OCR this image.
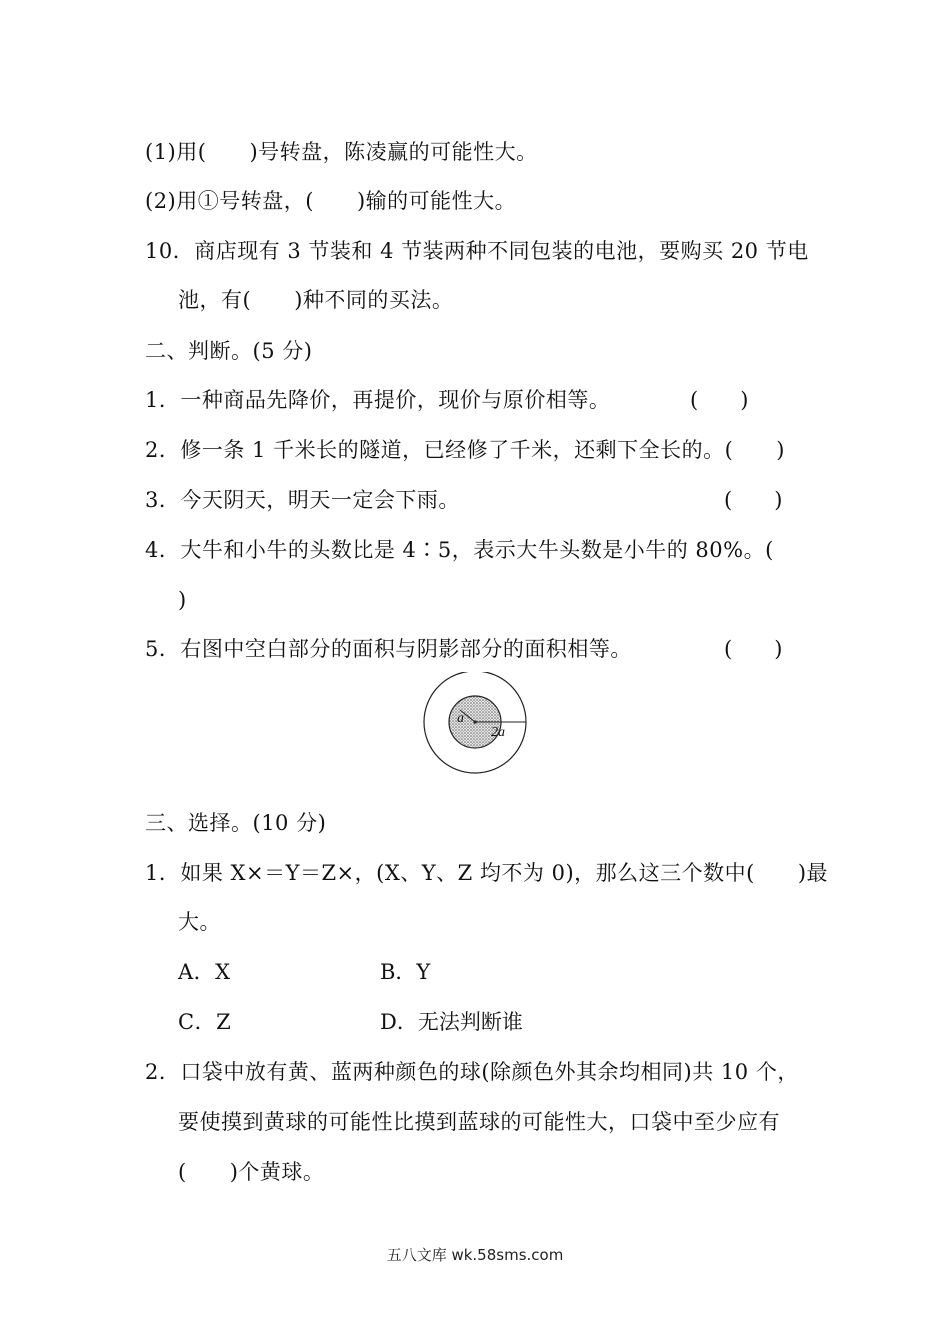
(1)用(　　)号转盘，陈凌赢的可能性大。
(2)用①号转盘，(　　)输的可能性大。
10．商店现有 3 节装和 4 节装两种不同包装的电池，要购买 20 节电
池，有(　　)种不同的买法。
二、判断。(5 分)
1．一种商品先降价，再提价，现价与原价相等。	(　　)
2．修一条 1 千米长的隧道，已经修了千米，还剩下全长的。(　　)
3．今天阴天，明天一定会下雨。	(　　)
4．大牛和小牛的头数比是 4∶5，表示大牛头数是小牛的 80%。(
)
5．右图中空白部分的面积与阴影部分的面积相等。	(　　)
a
2a
三、选择。(10 分)
1．如果 X×＝Y＝Z×，(X、Y、Z 均不为 0)，那么这三个数中(　　)最
大。
A．X	B．Y
C．Z	D．无法判断谁
2．口袋中放有黄、蓝两种颜色的球(除颜色外其余均相同)共 10 个，
要使摸到黄球的可能性比摸到蓝球的可能性大，口袋中至少应有
(　　)个黄球。
五八文库 wk.58sms.com
